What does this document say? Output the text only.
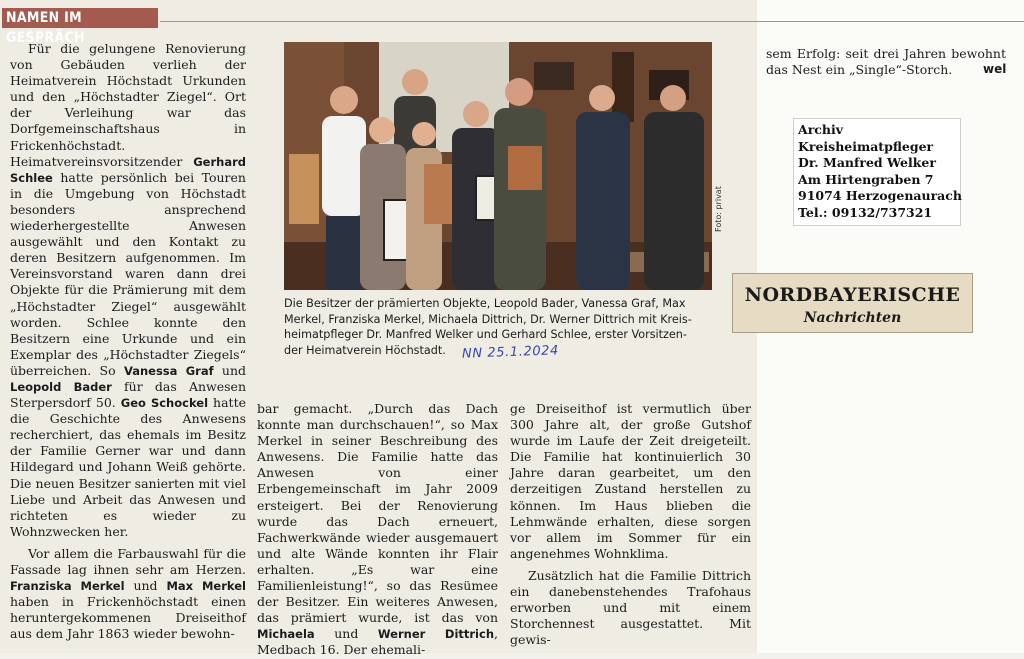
NAMEN IM GESPRÄCH

Für die gelungene Renovierung von Gebäuden verlieh der Heimatverein Höchstadt Urkunden und den „Höchstadter Ziegel“. Ort der Verleihung war das Dorfgemeinschaftshaus in Frickenhöchstadt. Heimatvereinsvorsitzender Gerhard Schlee hatte persönlich bei Touren in die Umgebung von Höchstadt besonders ansprechend wiederhergestellte Anwesen ausgewählt und den Kontakt zu deren Besitzern aufgenommen. Im Vereinsvorstand waren dann drei Objekte für die Prämierung mit dem „Höchstadter Ziegel“ ausgewählt worden. Schlee konnte den Besitzern eine Urkunde und ein Exemplar des „Höchstadter Ziegels“ überreichen. So Vanessa Graf und Leopold Bader für das Anwesen Sterpersdorf 50. Geo Schockel hatte die Geschichte des Anwesens recherchiert, das ehemals im Besitz der Familie Gerner war und dann Hildegard und Johann Weiß gehörte. Die neuen Besitzer sanierten mit viel Liebe und Arbeit das Anwesen und richteten es wieder zu Wohnzwecken her.

Vor allem die Farbauswahl für die Fassade lag ihnen sehr am Herzen. Franziska Merkel und Max Merkel haben in Frickenhöchstadt einen heruntergekommenen Dreiseithof aus dem Jahr 1863 wieder bewohn-

Foto: privat
Die Besitzer der prämierten Objekte, Leopold Bader, Vanessa Graf, Max
Merkel, Franziska Merkel, Michaela Dittrich, Dr. Werner Dittrich mit Kreis-
heimatpfleger Dr. Manfred Welker und Gerhard Schlee, erster Vorsitzen-
der Heimatverein Höchstadt.	NN 25.1.2024

bar gemacht. „Durch das Dach konnte man durchschauen!“, so Max Merkel in seiner Beschreibung des Anwesens. Die Familie hatte das Anwesen von einer Erbengemeinschaft im Jahr 2009 ersteigert. Bei der Renovierung wurde das Dach erneuert, Fachwerkwände wieder ausgemauert und alte Wände konnten ihr Flair erhalten. „Es war eine Familienleistung!“, so das Resümee der Besitzer. Ein weiteres Anwesen, das prämiert wurde, ist das von Michaela und Werner Dittrich, Medbach 16. Der ehemali-

ge Dreiseithof ist vermutlich über 300 Jahre alt, der große Gutshof wurde im Laufe der Zeit dreigeteilt. Die Familie hat kontinuierlich 30 Jahre daran gearbeitet, um den derzeitigen Zustand herstellen zu können. Im Haus blieben die Lehmwände erhalten, diese sorgen vor allem im Sommer für ein angenehmes Wohnklima.

Zusätzlich hat die Familie Dittrich ein danebenstehendes Trafohaus erworben und mit einem Storchennest ausgestattet. Mit gewis-

sem Erfolg: seit drei Jahren bewohnt das Nest ein „Single“-Storch.	wel
Archiv
Kreisheimatpfleger
Dr. Manfred Welker
Am Hirtengraben 7
91074 Herzogenaurach
Tel.: 09132/737321
NORDBAYERISCHE
Nachrichten
